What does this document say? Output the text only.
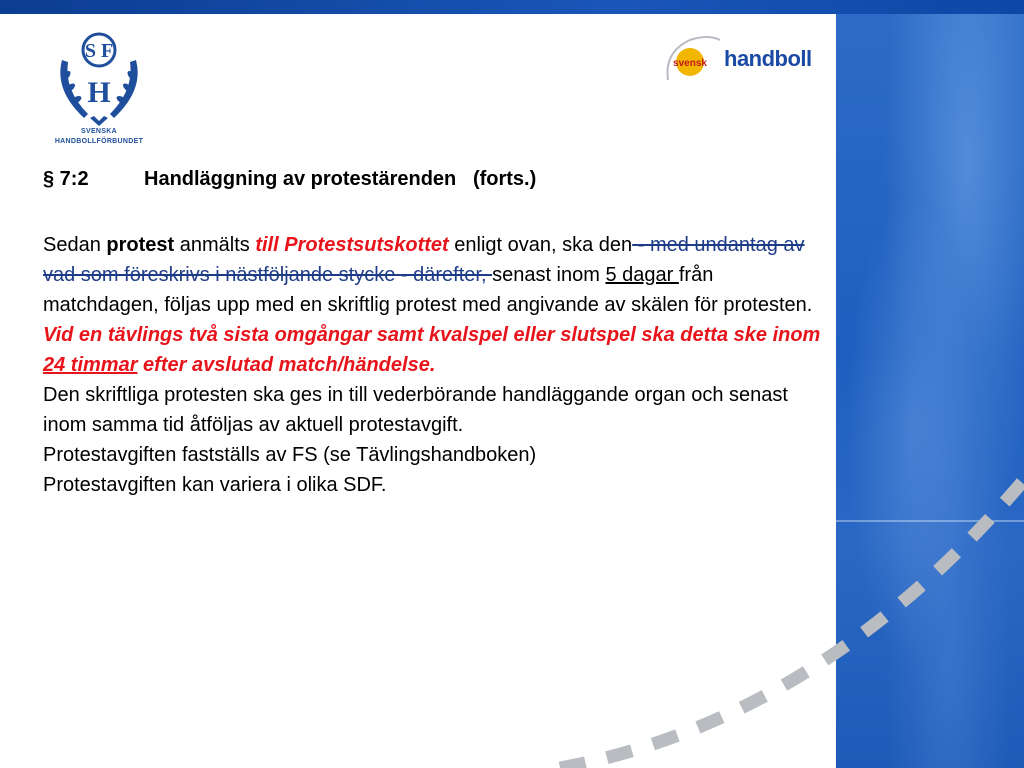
S F
H
SVENSKA
HANDBOLLFÖRBUNDET
svensk handboll
§ 7:2	Handläggning av protestärenden (forts.)

Sedan protest anmälts till Protestsutskottet enligt ovan, ska den - med undantag av vad som föreskrivs i nästföljande stycke - därefter, senast inom 5 dagar från matchdagen, följas upp med en skriftlig protest med angivande av skälen för protesten.

Vid en tävlings två sista omgångar samt kvalspel eller slutspel ska detta ske inom 24 timmar efter avslutad match/händelse.

Den skriftliga protesten ska ges in till vederbörande handläggande organ och senast inom samma tid åtföljas av aktuell protestavgift.

Protestavgiften fastställs av FS (se Tävlingshandboken)

Protestavgiften kan variera i olika SDF.
